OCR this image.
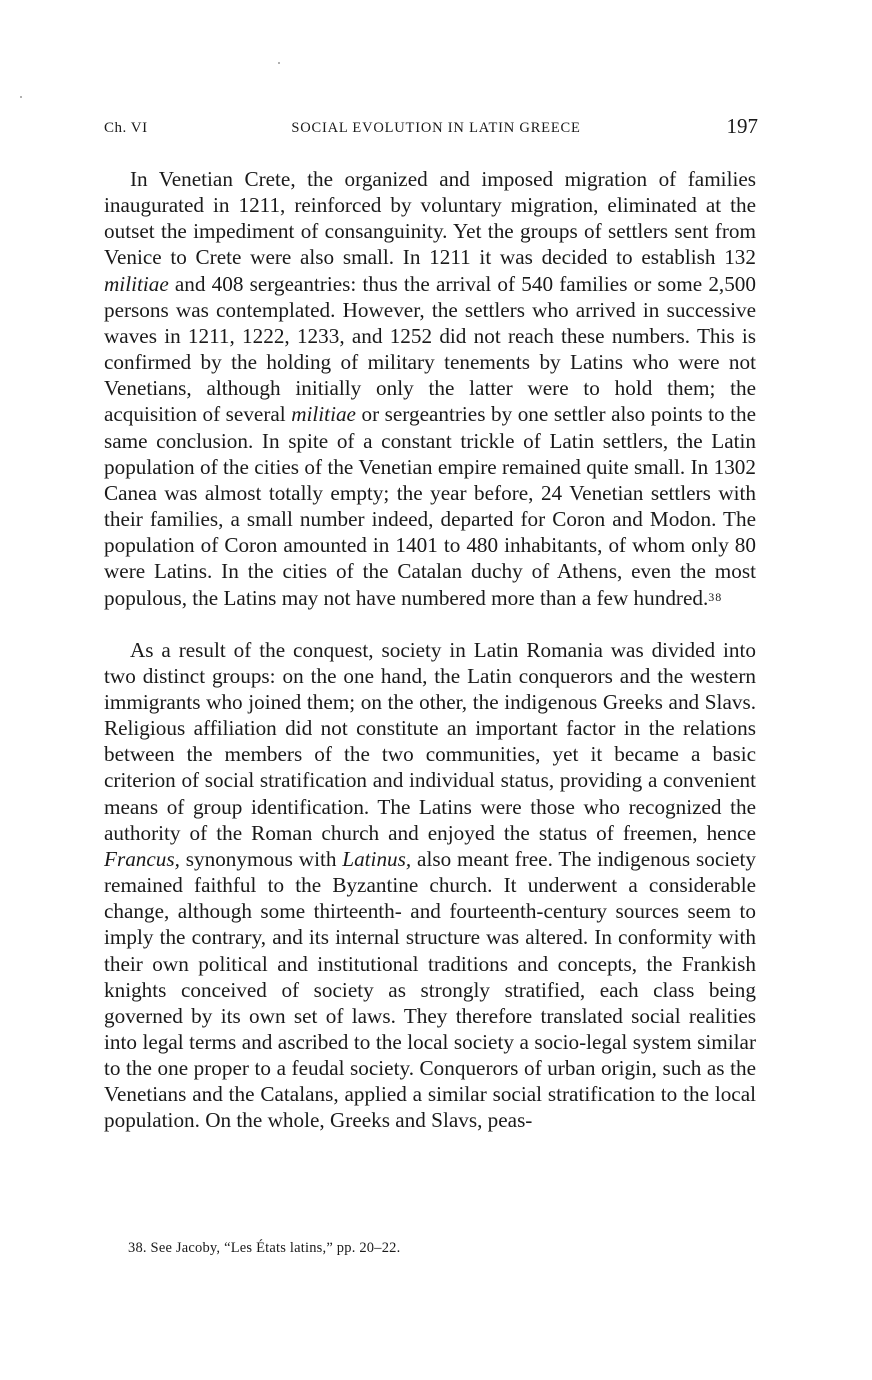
Ch. VI	SOCIAL EVOLUTION IN LATIN GREECE	197

In Venetian Crete, the organized and imposed migration of families inaugurated in 1211, reinforced by voluntary migration, eliminated at the outset the impediment of consanguinity. Yet the groups of settlers sent from Venice to Crete were also small. In 1211 it was decided to establish 132 militiae and 408 sergeantries: thus the arrival of 540 families or some 2,500 persons was contemplated. However, the settlers who arrived in successive waves in 1211, 1222, 1233, and 1252 did not reach these numbers. This is confirmed by the holding of military tenements by Latins who were not Venetians, although initially only the latter were to hold them; the acquisition of several militiae or sergeantries by one settler also points to the same conclusion. In spite of a constant trickle of Latin settlers, the Latin population of the cities of the Venetian empire remained quite small. In 1302 Canea was almost totally empty; the year before, 24 Venetian settlers with their families, a small number indeed, departed for Coron and Modon. The population of Coron amounted in 1401 to 480 inhabitants, of whom only 80 were Latins. In the cities of the Catalan duchy of Athens, even the most populous, the Latins may not have numbered more than a few hundred.$^{38}$

As a result of the conquest, society in Latin Romania was divided into two distinct groups: on the one hand, the Latin conquerors and the western immigrants who joined them; on the other, the indigenous Greeks and Slavs. Religious affiliation did not constitute an important factor in the relations between the members of the two communities, yet it became a basic criterion of social stratification and individual status, providing a convenient means of group identification. The Latins were those who recognized the authority of the Roman church and enjoyed the status of freemen, hence Francus, synonymous with Latinus, also meant free. The indigenous society remained faithful to the Byzantine church. It underwent a considerable change, although some thirteenth- and fourteenth-century sources seem to imply the contrary, and its internal structure was altered. In conformity with their own political and institutional traditions and concepts, the Frankish knights conceived of society as strongly stratified, each class being governed by its own set of laws. They therefore translated social realities into legal terms and ascribed to the local society a socio-legal system similar to the one proper to a feudal society. Conquerors of urban origin, such as the Venetians and the Catalans, applied a similar social stratification to the local population. On the whole, Greeks and Slavs, peas-

38. See Jacoby, “Les États latins,” pp. 20–22.
